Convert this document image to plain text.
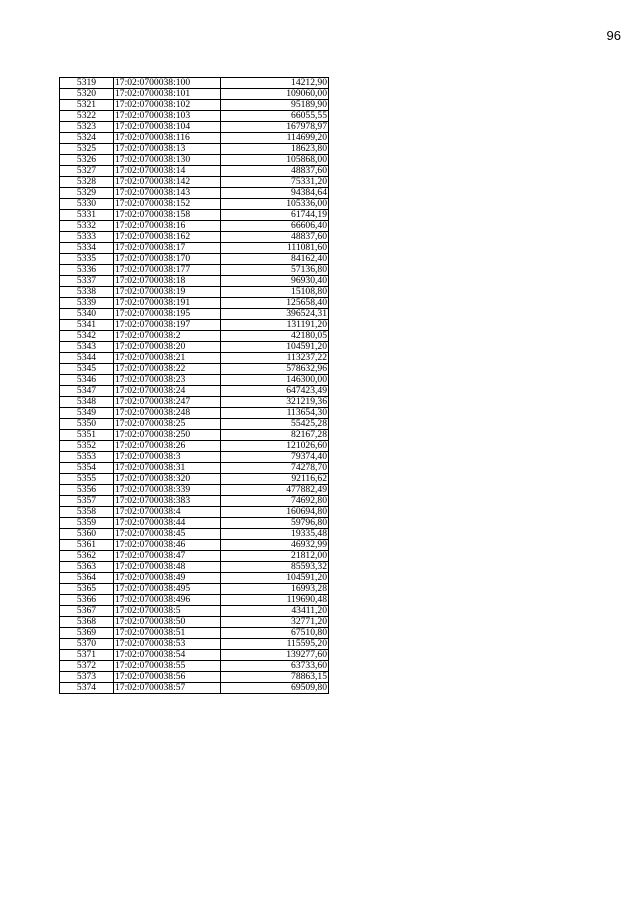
96
5319	17:02:0700038:100	14212,90
5320	17:02:0700038:101	109060,00
5321	17:02:0700038:102	95189,90
5322	17:02:0700038:103	66055,55
5323	17:02:0700038:104	167978,97
5324	17:02:0700038:116	114699,20
5325	17:02:0700038:13	18623,80
5326	17:02:0700038:130	105868,00
5327	17:02:0700038:14	48837,60
5328	17:02:0700038:142	75331,20
5329	17:02:0700038:143	94384,64
5330	17:02:0700038:152	105336,00
5331	17:02:0700038:158	61744,19
5332	17:02:0700038:16	66606,40
5333	17:02:0700038:162	48837,60
5334	17:02:0700038:17	111081,60
5335	17:02:0700038:170	84162,40
5336	17:02:0700038:177	57136,80
5337	17:02:0700038:18	96930,40
5338	17:02:0700038:19	15108,80
5339	17:02:0700038:191	125658,40
5340	17:02:0700038:195	396524,31
5341	17:02:0700038:197	131191,20
5342	17:02:0700038:2	42180,05
5343	17:02:0700038:20	104591,20
5344	17:02:0700038:21	113237,22
5345	17:02:0700038:22	578632,96
5346	17:02:0700038:23	146300,00
5347	17:02:0700038:24	647423,49
5348	17:02:0700038:247	321219,36
5349	17:02:0700038:248	113654,30
5350	17:02:0700038:25	55425,28
5351	17:02:0700038:250	82167,28
5352	17:02:0700038:26	121026,60
5353	17:02:0700038:3	79374,40
5354	17:02:0700038:31	74278,70
5355	17:02:0700038:320	92116,62
5356	17:02:0700038:339	477882,49
5357	17:02:0700038:383	74692,80
5358	17:02:0700038:4	160694,80
5359	17:02:0700038:44	59796,80
5360	17:02:0700038:45	19335,48
5361	17:02:0700038:46	46932,99
5362	17:02:0700038:47	21812,00
5363	17:02:0700038:48	85593,32
5364	17:02:0700038:49	104591,20
5365	17:02:0700038:495	16993,28
5366	17:02:0700038:496	119690,48
5367	17:02:0700038:5	43411,20
5368	17:02:0700038:50	32771,20
5369	17:02:0700038:51	67510,80
5370	17:02:0700038:53	115595,20
5371	17:02:0700038:54	139277,60
5372	17:02:0700038:55	63733,60
5373	17:02:0700038:56	78863,15
5374	17:02:0700038:57	69509,80
